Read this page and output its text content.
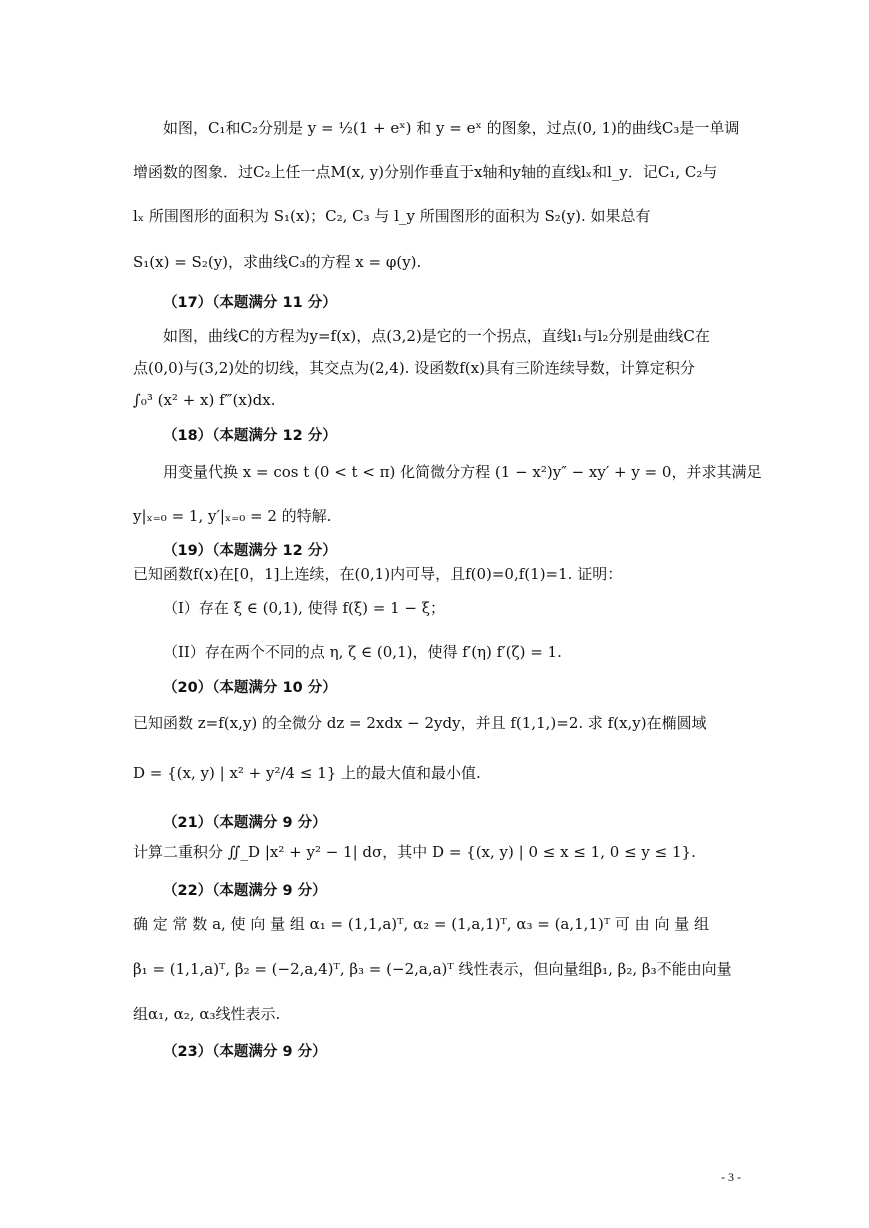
如图，C₁和C₂分别是 y = ½(1 + eˣ) 和 y = eˣ 的图象，过点(0, 1)的曲线C₃是一单调
增函数的图象．过C₂上任一点M(x, y)分别作垂直于x轴和y轴的直线lₓ和l_y．记C₁, C₂与
lₓ 所围图形的面积为 S₁(x)；C₂, C₃ 与 l_y 所围图形的面积为 S₂(y). 如果总有
S₁(x) = S₂(y)，求曲线C₃的方程 x = φ(y).
（17）（本题满分 11 分）
如图，曲线C的方程为y=f(x)，点(3,2)是它的一个拐点，直线l₁与l₂分别是曲线C在
点(0,0)与(3,2)处的切线，其交点为(2,4). 设函数f(x)具有三阶连续导数，计算定积分
∫₀³ (x² + x) f‴(x)dx.
（18）（本题满分 12 分）
用变量代换 x = cos t (0 < t < π) 化简微分方程 (1 − x²)y″ − xy′ + y = 0，并求其满足
y|ₓ₌₀ = 1, y′|ₓ₌₀ = 2 的特解.
（19）（本题满分 12 分）
已知函数f(x)在[0，1]上连续，在(0,1)内可导，且f(0)=0,f(1)=1. 证明：
（I）存在 ξ ∈ (0,1), 使得 f(ξ) = 1 − ξ；
（II）存在两个不同的点 η, ζ ∈ (0,1)，使得 f′(η) f′(ζ) = 1.
（20）（本题满分 10 分）
已知函数 z=f(x,y) 的全微分 dz = 2xdx − 2ydy，并且 f(1,1,)=2. 求 f(x,y)在椭圆域
D = {(x, y) | x² + y²/4 ≤ 1} 上的最大值和最小值.
（21）（本题满分 9 分）
计算二重积分 ∬_D |x² + y² − 1| dσ，其中 D = {(x, y) | 0 ≤ x ≤ 1, 0 ≤ y ≤ 1}.
（22）（本题满分 9 分）
确 定 常 数 a, 使 向 量 组 α₁ = (1,1,a)ᵀ, α₂ = (1,a,1)ᵀ, α₃ = (a,1,1)ᵀ 可 由 向 量 组
β₁ = (1,1,a)ᵀ, β₂ = (−2,a,4)ᵀ, β₃ = (−2,a,a)ᵀ 线性表示，但向量组β₁, β₂, β₃不能由向量
组α₁, α₂, α₃线性表示.
（23）（本题满分 9 分）
- 3 -
